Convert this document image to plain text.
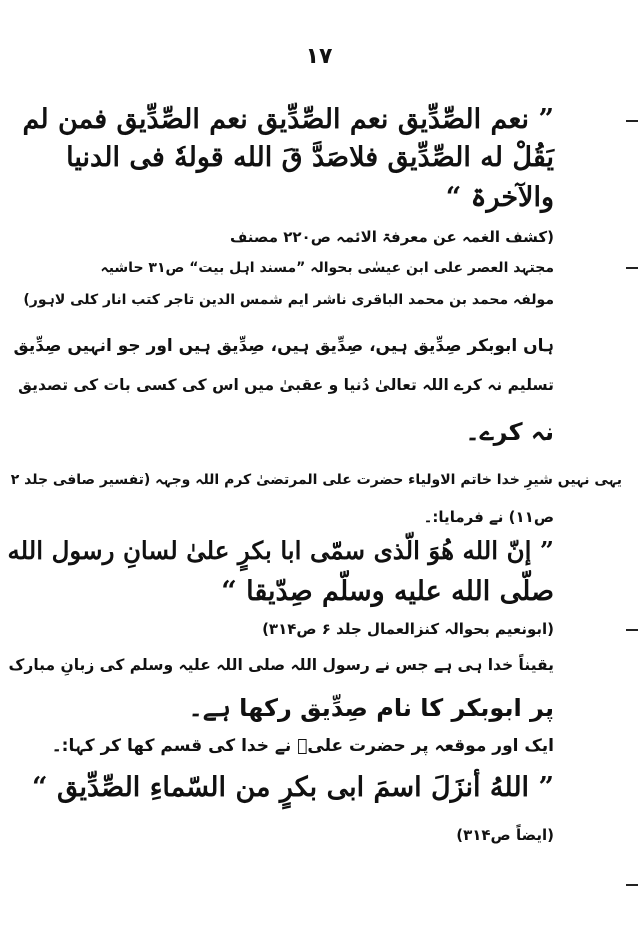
۱۷
” نعم الصِّدِّیق نعم الصِّدِّیق نعم الصِّدِّیق فمن لم
یَقُلْ له الصِّدِّیق فلاصَدَّ قَ الله قولهٗ فی الدنیا
والآخرۃ “
(کشف الغمہ عن معرفۃ الائمہ ص۲۲۰ مصنف
مجتہد العصر علی ابن عیسٰی بحوالہ ”مسند اہل بیت“ ص۳۱ حاشیہ
مولفہ محمد بن محمد الباقری ناشر ایم شمس الدین تاجر کتب انار کلی لاہور)
ہاں ابوبکر صِدِّیق ہیں، صِدِّیق ہیں، صِدِّیق ہیں اور جو انہیں صِدِّیق
تسلیم نہ کرے اللہ تعالیٰ دُنیا و عقبیٰ میں اس کی کسی بات کی تصدیق
نہ کرے۔
یہی نہیں شیرِ خدا خاتم الاولیاء حضرت علی المرتضیٰ کرم اللہ وجہہ (تفسیر صافی جلد ۲
ص۱۱) نے فرمایا:۔
” إنّ الله هُوَ الّذی سمّی ابا بکرٍ علیٰ لسانِ رسول الله
صلّی الله علیه وسلّم صِدّیقا “
(ابونعیم بحوالہ کنزالعمال جلد ۶ ص۳۱۴)
یقیناً خدا ہی ہے جس نے رسول اللہ صلی اللہ علیہ وسلم کی زبانِ مبارک
پر ابوبکر کا نام صِدِّیق رکھا ہے۔
ایک اور موقعہ پر حضرت علیؓ نے خدا کی قسم کھا کر کہا:۔
” اللهُ أنزَلَ اسمَ ابی بکرٍ من السّماءِ الصِّدِّیق “
(ایضاً ص۳۱۴)
